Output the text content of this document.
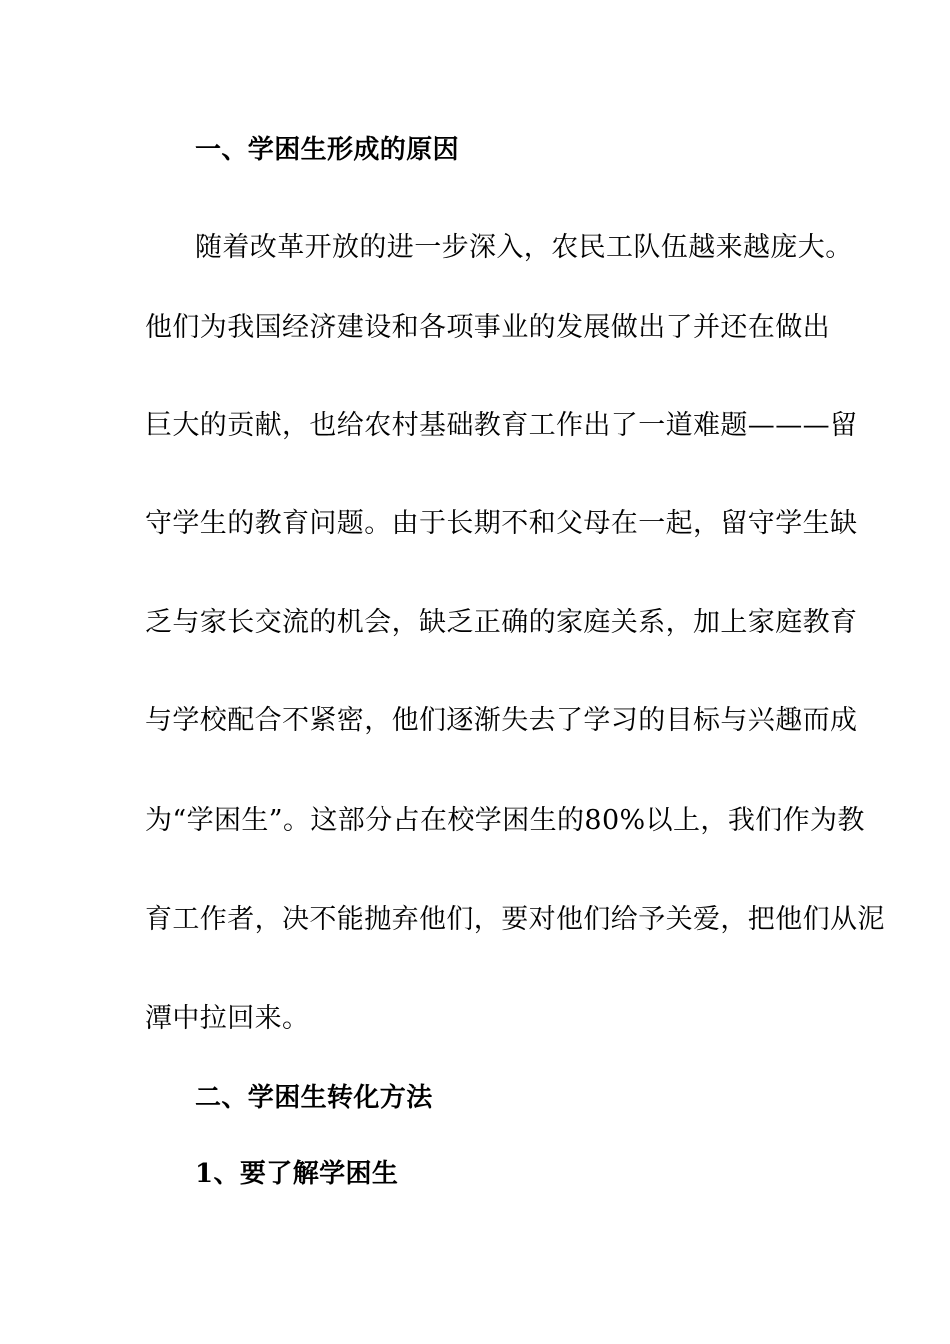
一、学困生形成的原因
随着改革开放的进一步深入，农民工队伍越来越庞大。
他们为我国经济建设和各项事业的发展做出了并还在做出
巨大的贡献，也给农村基础教育工作出了一道难题———留
守学生的教育问题。由于长期不和父母在一起，留守学生缺
乏与家长交流的机会，缺乏正确的家庭关系，加上家庭教育
与学校配合不紧密，他们逐渐失去了学习的目标与兴趣而成
为“学困生”。这部分占在校学困生的80%以上，我们作为教
育工作者，决不能抛弃他们，要对他们给予关爱，把他们从泥
潭中拉回来。
二、学困生转化方法
1、要了解学困生
